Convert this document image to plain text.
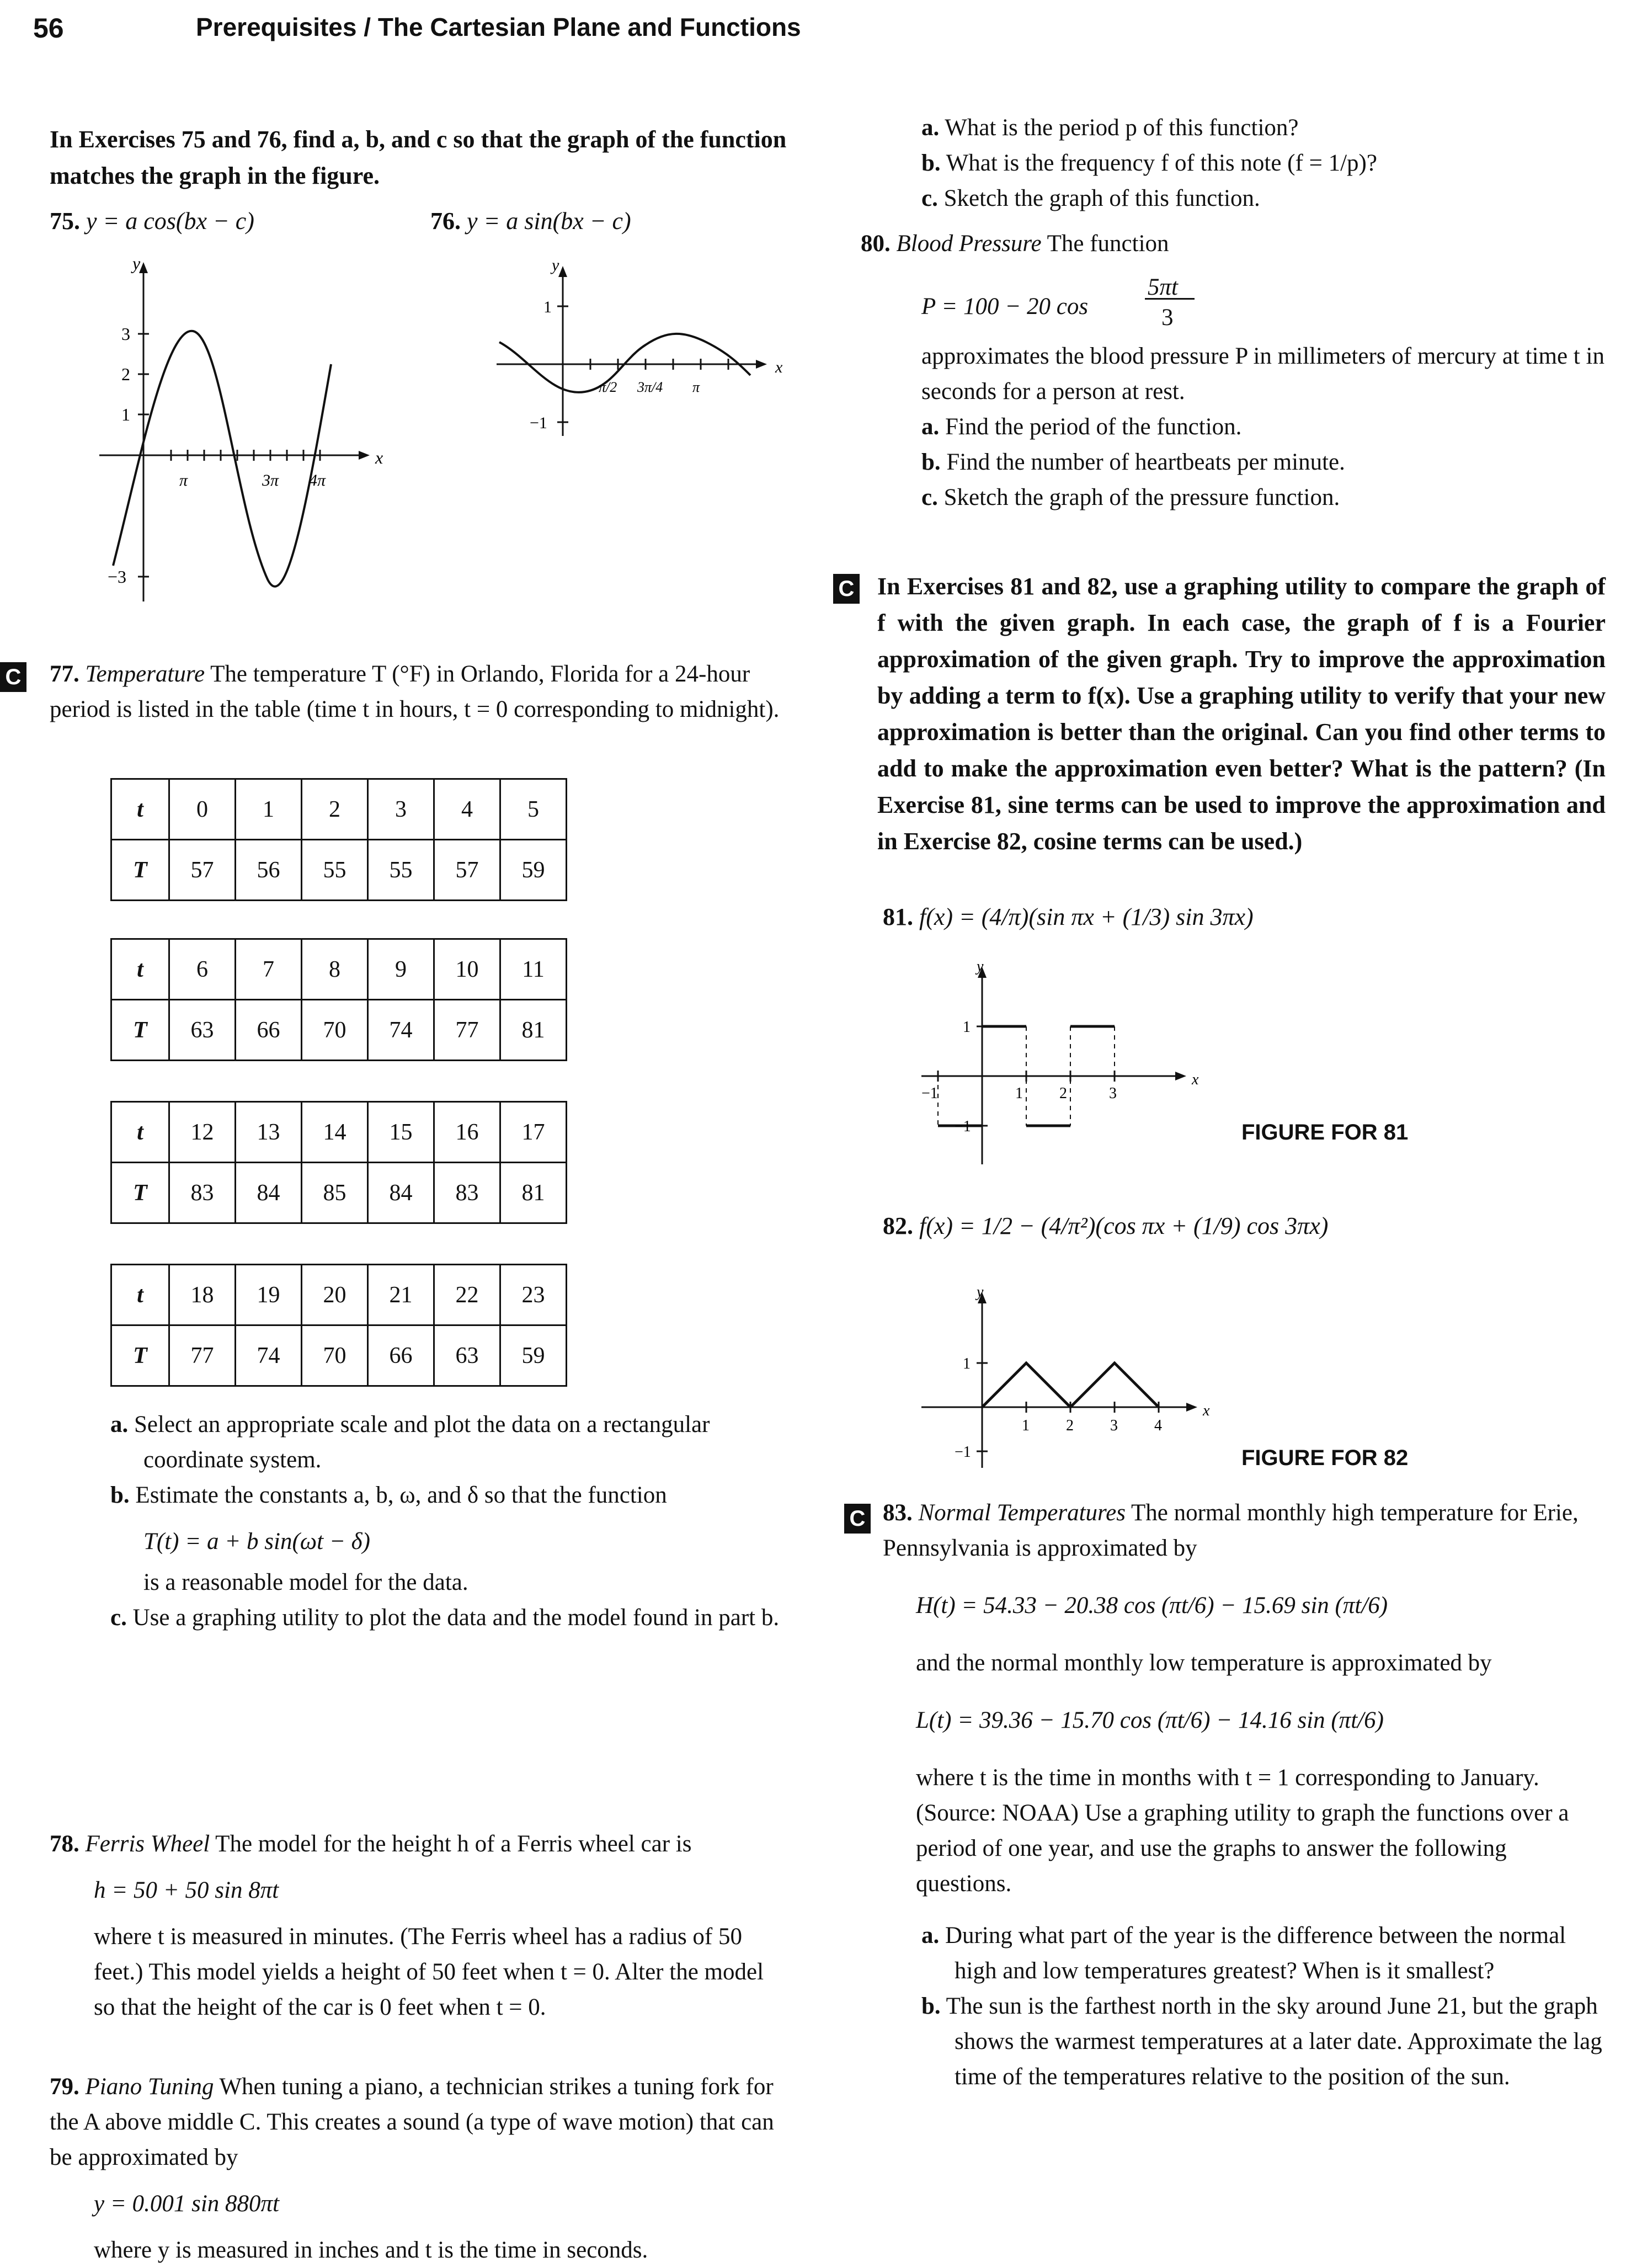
56	Prerequisites / The Cartesian Plane and Functions

In Exercises 75 and 76, find a, b, and c so that the graph of the function matches the graph in the figure.

75. y = a cos(bx − c)	76. y = a sin(bx − c)
y
x
3
2
1
−3
π	3π 4π
y
x
1
−1
π/2 3π/4 π
C 77. Temperature The temperature T (°F) in Orlando, Florida for a 24-hour period is listed in the table (time t in hours, t = 0 corresponding to midnight).
t	0	1	2	3	4	5
T	57	56	55	55	57	59
t	6	7	8	9	10	11
T	63	66	70	74	77	81
t	12	13	14	15	16	17
T	83	84	85	84	83	81
t	18	19	20	21	22	23
T	77	74	70	66	63	59

a. Select an appropriate scale and plot the data on a rectangular coordinate system.

b. Estimate the constants a, b, ω, and δ so that the function

T(t) = a + b sin(ωt − δ)

is a reasonable model for the data.

c. Use a graphing utility to plot the data and the model found in part b.

78. Ferris Wheel The model for the height h of a Ferris wheel car is

h = 50 + 50 sin 8πt

where t is measured in minutes. (The Ferris wheel has a radius of 50 feet.) This model yields a height of 50 feet when t = 0. Alter the model so that the height of the car is 0 feet when t = 0.

79. Piano Tuning When tuning a piano, a technician strikes a tuning fork for the A above middle C. This creates a sound (a type of wave motion) that can be approximated by

y = 0.001 sin 880πt

where y is measured in inches and t is the time in seconds.

a. What is the period p of this function?

b. What is the frequency f of this note (f = 1/p)?

c. Sketch the graph of this function.

80. Blood Pressure The function

P = 100 − 20 cos
5πt
3

approximates the blood pressure P in millimeters of mercury at time t in seconds for a person at rest.

a. Find the period of the function.

b. Find the number of heartbeats per minute.

c. Sketch the graph of the pressure function.

C In Exercises 81 and 82, use a graphing utility to compare the graph of f with the given graph. In each case, the graph of f is a Fourier approximation of the given graph. Try to improve the approximation by adding a term to f(x). Use a graphing utility to verify that your new approximation is better than the original. Can you find other terms to add to make the approximation even better? What is the pattern? (In Exercise 81, sine terms can be used to improve the approximation and in Exercise 82, cosine terms can be used.)

81. f(x) = (4/π)(sin πx + (1/3) sin 3πx)
y
x
1
−1
−1	1 2	3
FIGURE FOR 81
82. f(x) = 1/2 − (4/π²)(cos πx + (1/9) cos 3πx)
y
x
1
−1
1 2 3 4
FIGURE FOR 82
C 83. Normal Temperatures The normal monthly high temperature for Erie, Pennsylvania is approximated by

H(t) = 54.33 − 20.38 cos (πt/6) − 15.69 sin (πt/6)

and the normal monthly low temperature is approximated by

L(t) = 39.36 − 15.70 cos (πt/6) − 14.16 sin (πt/6)

where t is the time in months with t = 1 corresponding to January. (Source: NOAA) Use a graphing utility to graph the functions over a period of one year, and use the graphs to answer the following questions.

a. During what part of the year is the difference between the normal high and low temperatures greatest? When is it smallest?

b. The sun is the farthest north in the sky around June 21, but the graph shows the warmest temperatures at a later date. Approximate the lag time of the temperatures relative to the position of the sun.
